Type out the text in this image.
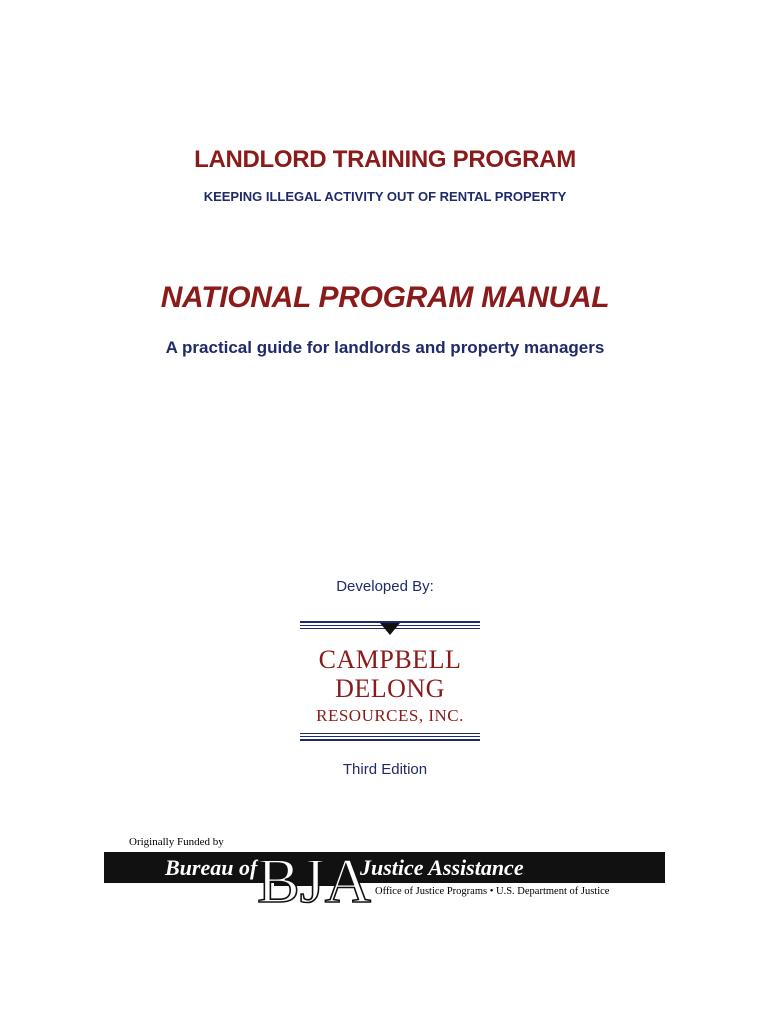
LANDLORD TRAINING PROGRAM
KEEPING ILLEGAL ACTIVITY OUT OF RENTAL PROPERTY
NATIONAL PROGRAM MANUAL
A practical guide for landlords and property managers
Developed By:
CAMPBELL
DELONG
RESOURCES, INC.
Third Edition
Originally Funded by
Bureau of	Justice Assistance
BJA Office of Justice Programs • U.S. Department of Justice
